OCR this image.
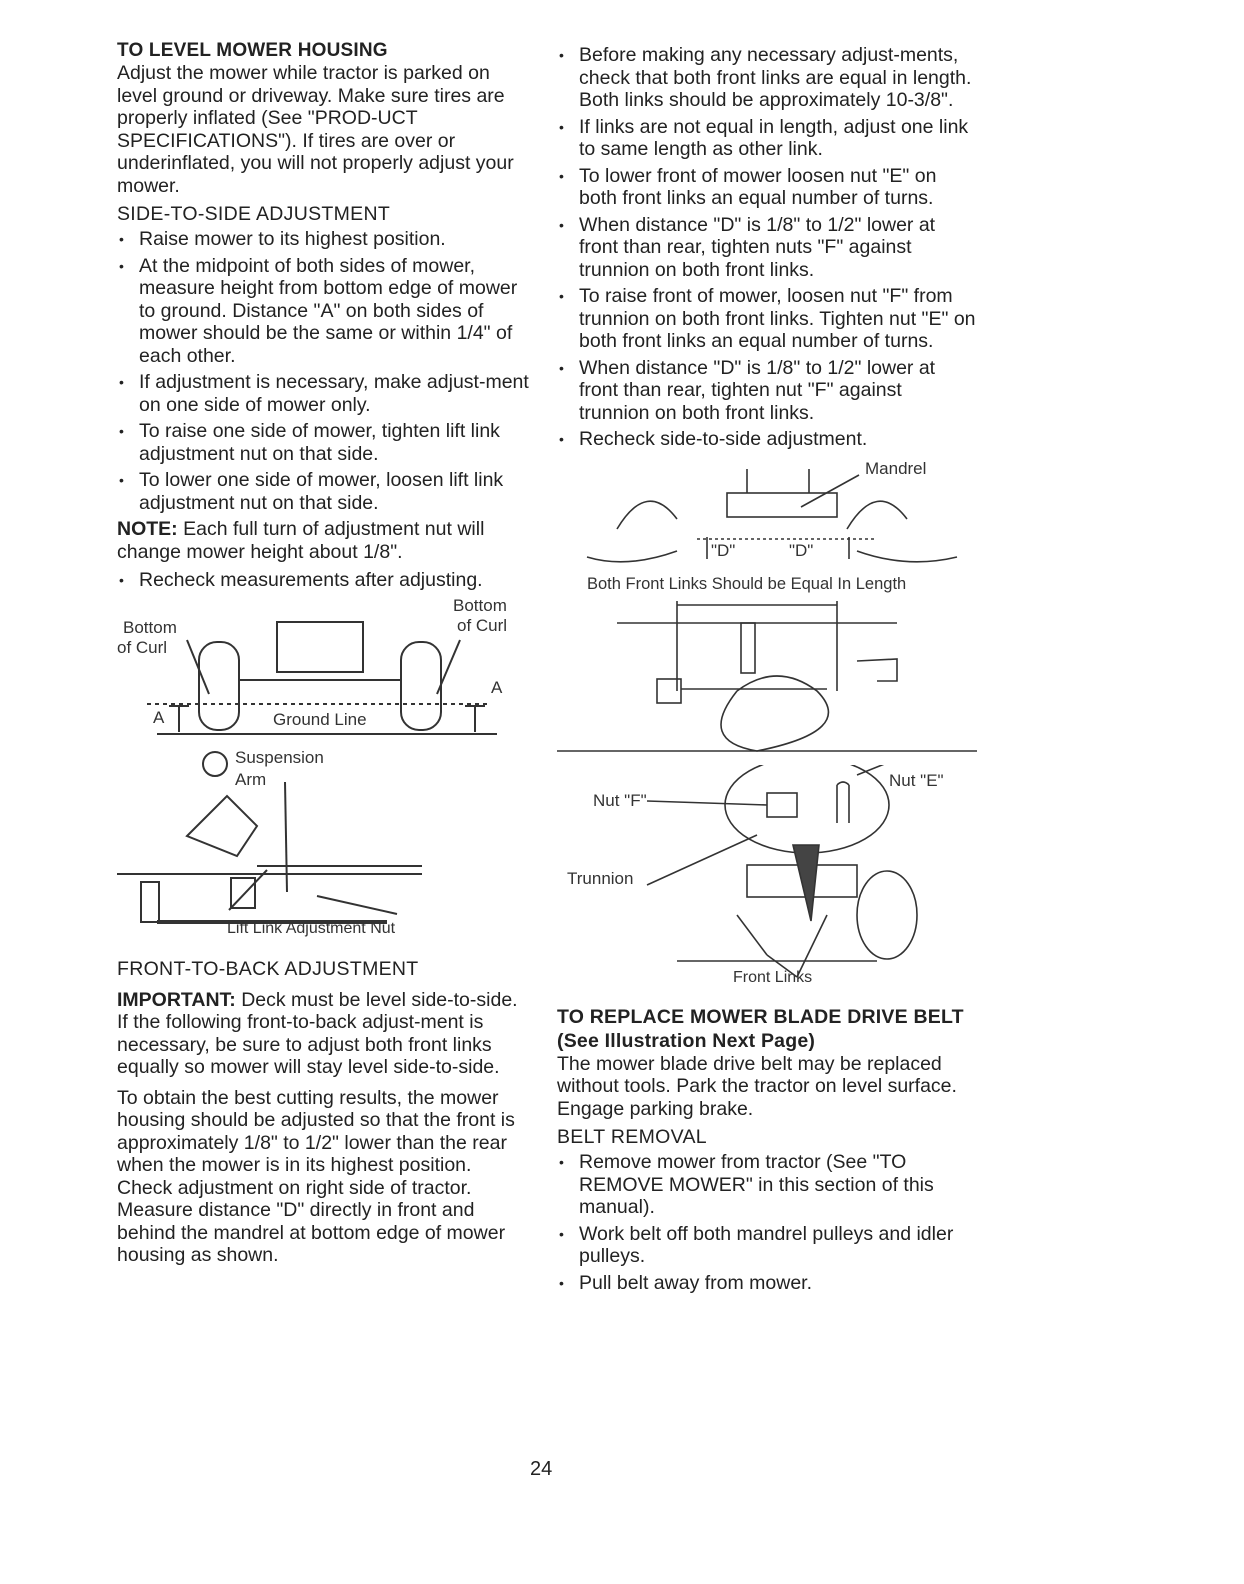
TO LEVEL MOWER HOUSING

Adjust the mower while tractor is parked on level ground or driveway. Make sure tires are properly inflated (See "PROD-UCT SPECIFICATIONS"). If tires are over or underinflated, you will not properly adjust your mower.

SIDE-TO-SIDE ADJUSTMENT

• Raise mower to its highest position.
• At the midpoint of both sides of mower, measure height from bottom edge of mower to ground. Distance "A" on both sides of mower should be the same or within 1/4" of each other.
• If adjustment is necessary, make adjust-ment on one side of mower only.
• To raise one side of mower, tighten lift link adjustment nut on that side.
• To lower one side of mower, loosen lift link adjustment nut on that side.

NOTE: Each full turn of adjustment nut will change mower height about 1/8".

• Recheck measurements after adjusting.
Bottom
of Curl
Bottom
of Curl
A
A
Ground Line
Suspension
Arm
Lift Link Adjustment Nut

FRONT-TO-BACK ADJUSTMENT

IMPORTANT: Deck must be level side-to-side. If the following front-to-back adjust-ment is necessary, be sure to adjust both front links equally so mower will stay level side-to-side.

To obtain the best cutting results, the mower housing should be adjusted so that the front is approximately 1/8" to 1/2" lower than the rear when the mower is in its highest position.

Check adjustment on right side of tractor. Measure distance "D" directly in front and behind the mandrel at bottom edge of mower housing as shown.

• Before making any necessary adjust-ments, check that both front links are equal in length. Both links should be approximately 10-3/8".
• If links are not equal in length, adjust one link to same length as other link.
• To lower front of mower loosen nut "E" on both front links an equal number of turns.
• When distance "D" is 1/8" to 1/2" lower at front than rear, tighten nuts "F" against trunnion on both front links.
• To raise front of mower, loosen nut "F" from trunnion on both front links. Tighten nut "E" on both front links an equal number of turns.
• When distance "D" is 1/8" to 1/2" lower at front than rear, tighten nut "F" against trunnion on both front links.
• Recheck side-to-side adjustment.
Mandrel
"D"	"D"
Both Front Links Should be Equal In Length
Nut "F"
Nut "E"
Trunnion
Front Links

TO REPLACE MOWER BLADE DRIVE BELT (See Illustration Next Page)

The mower blade drive belt may be replaced without tools. Park the tractor on level surface. Engage parking brake.

BELT REMOVAL

• Remove mower from tractor (See "TO REMOVE MOWER" in this section of this manual).
• Work belt off both mandrel pulleys and idler pulleys.
• Pull belt away from mower.
24
